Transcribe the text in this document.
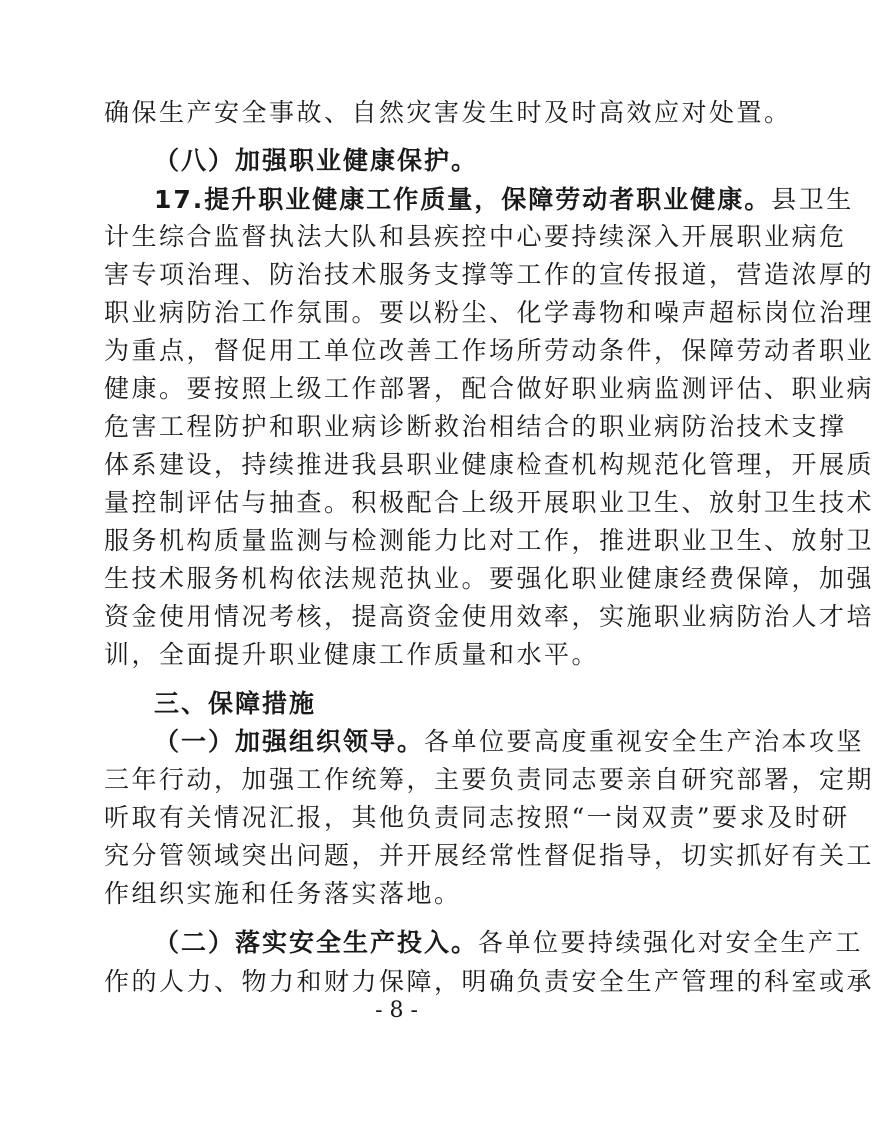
确保生产安全事故、自然灾害发生时及时高效应对处置。
（八）加强职业健康保护。
17.提升职业健康工作质量，保障劳动者职业健康。县卫生
计生综合监督执法大队和县疾控中心要持续深入开展职业病危
害专项治理、防治技术服务支撑等工作的宣传报道，营造浓厚的
职业病防治工作氛围。要以粉尘、化学毒物和噪声超标岗位治理
为重点，督促用工单位改善工作场所劳动条件，保障劳动者职业
健康。要按照上级工作部署，配合做好职业病监测评估、职业病
危害工程防护和职业病诊断救治相结合的职业病防治技术支撑
体系建设，持续推进我县职业健康检查机构规范化管理，开展质
量控制评估与抽查。积极配合上级开展职业卫生、放射卫生技术
服务机构质量监测与检测能力比对工作，推进职业卫生、放射卫
生技术服务机构依法规范执业。要强化职业健康经费保障，加强
资金使用情况考核，提高资金使用效率，实施职业病防治人才培
训，全面提升职业健康工作质量和水平。
三、保障措施
（一）加强组织领导。各单位要高度重视安全生产治本攻坚
三年行动，加强工作统筹，主要负责同志要亲自研究部署，定期
听取有关情况汇报，其他负责同志按照“一岗双责”要求及时研
究分管领域突出问题，并开展经常性督促指导，切实抓好有关工
作组织实施和任务落实落地。
（二）落实安全生产投入。各单位要持续强化对安全生产工
作的人力、物力和财力保障，明确负责安全生产管理的科室或承
- 8 -
